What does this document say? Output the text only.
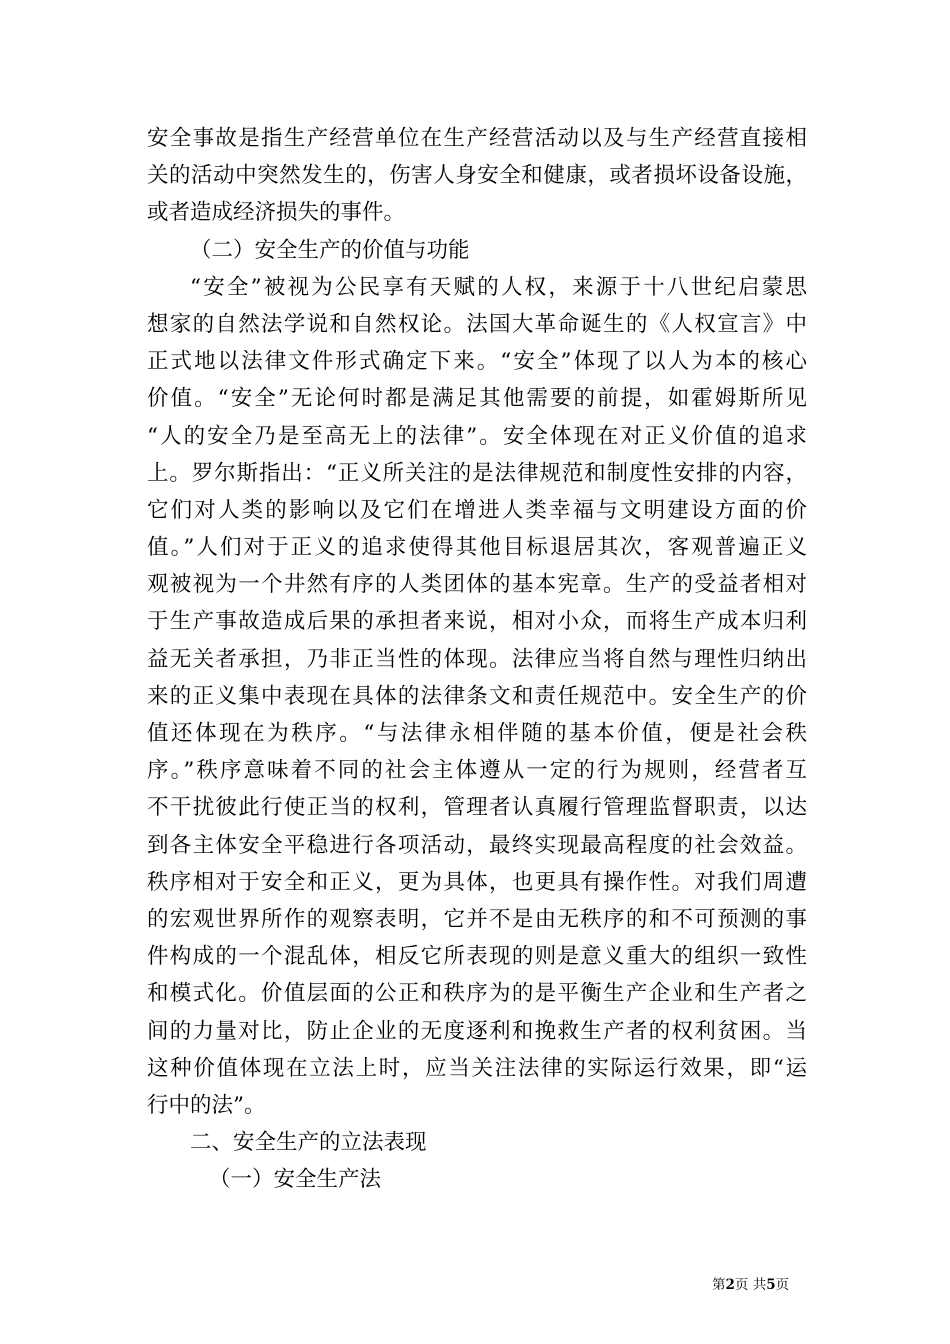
安全事故是指生产经营单位在生产经营活动以及与生产经营直接相
关的活动中突然发生的，伤害人身安全和健康，或者损坏设备设施，
或者造成经济损失的事件。
（二）安全生产的价值与功能
“安全”被视为公民享有天赋的人权，来源于十八世纪启蒙思
想家的自然法学说和自然权论。法国大革命诞生的《人权宣言》中
正式地以法律文件形式确定下来。“安全”体现了以人为本的核心
价值。“安全”无论何时都是满足其他需要的前提，如霍姆斯所见
“人的安全乃是至高无上的法律”。安全体现在对正义价值的追求
上。罗尔斯指出：“正义所关注的是法律规范和制度性安排的内容，
它们对人类的影响以及它们在增进人类幸福与文明建设方面的价
值。”人们对于正义的追求使得其他目标退居其次，客观普遍正义
观被视为一个井然有序的人类团体的基本宪章。生产的受益者相对
于生产事故造成后果的承担者来说，相对小众，而将生产成本归利
益无关者承担，乃非正当性的体现。法律应当将自然与理性归纳出
来的正义集中表现在具体的法律条文和责任规范中。安全生产的价
值还体现在为秩序。“与法律永相伴随的基本价值，便是社会秩
序。”秩序意味着不同的社会主体遵从一定的行为规则，经营者互
不干扰彼此行使正当的权利，管理者认真履行管理监督职责，以达
到各主体安全平稳进行各项活动，最终实现最高程度的社会效益。
秩序相对于安全和正义，更为具体，也更具有操作性。对我们周遭
的宏观世界所作的观察表明，它并不是由无秩序的和不可预测的事
件构成的一个混乱体，相反它所表现的则是意义重大的组织一致性
和模式化。价值层面的公正和秩序为的是平衡生产企业和生产者之
间的力量对比，防止企业的无度逐利和挽救生产者的权利贫困。当
这种价值体现在立法上时，应当关注法律的实际运行效果，即“运
行中的法”。
二、安全生产的立法表现
（一）安全生产法
第2页 共5页
